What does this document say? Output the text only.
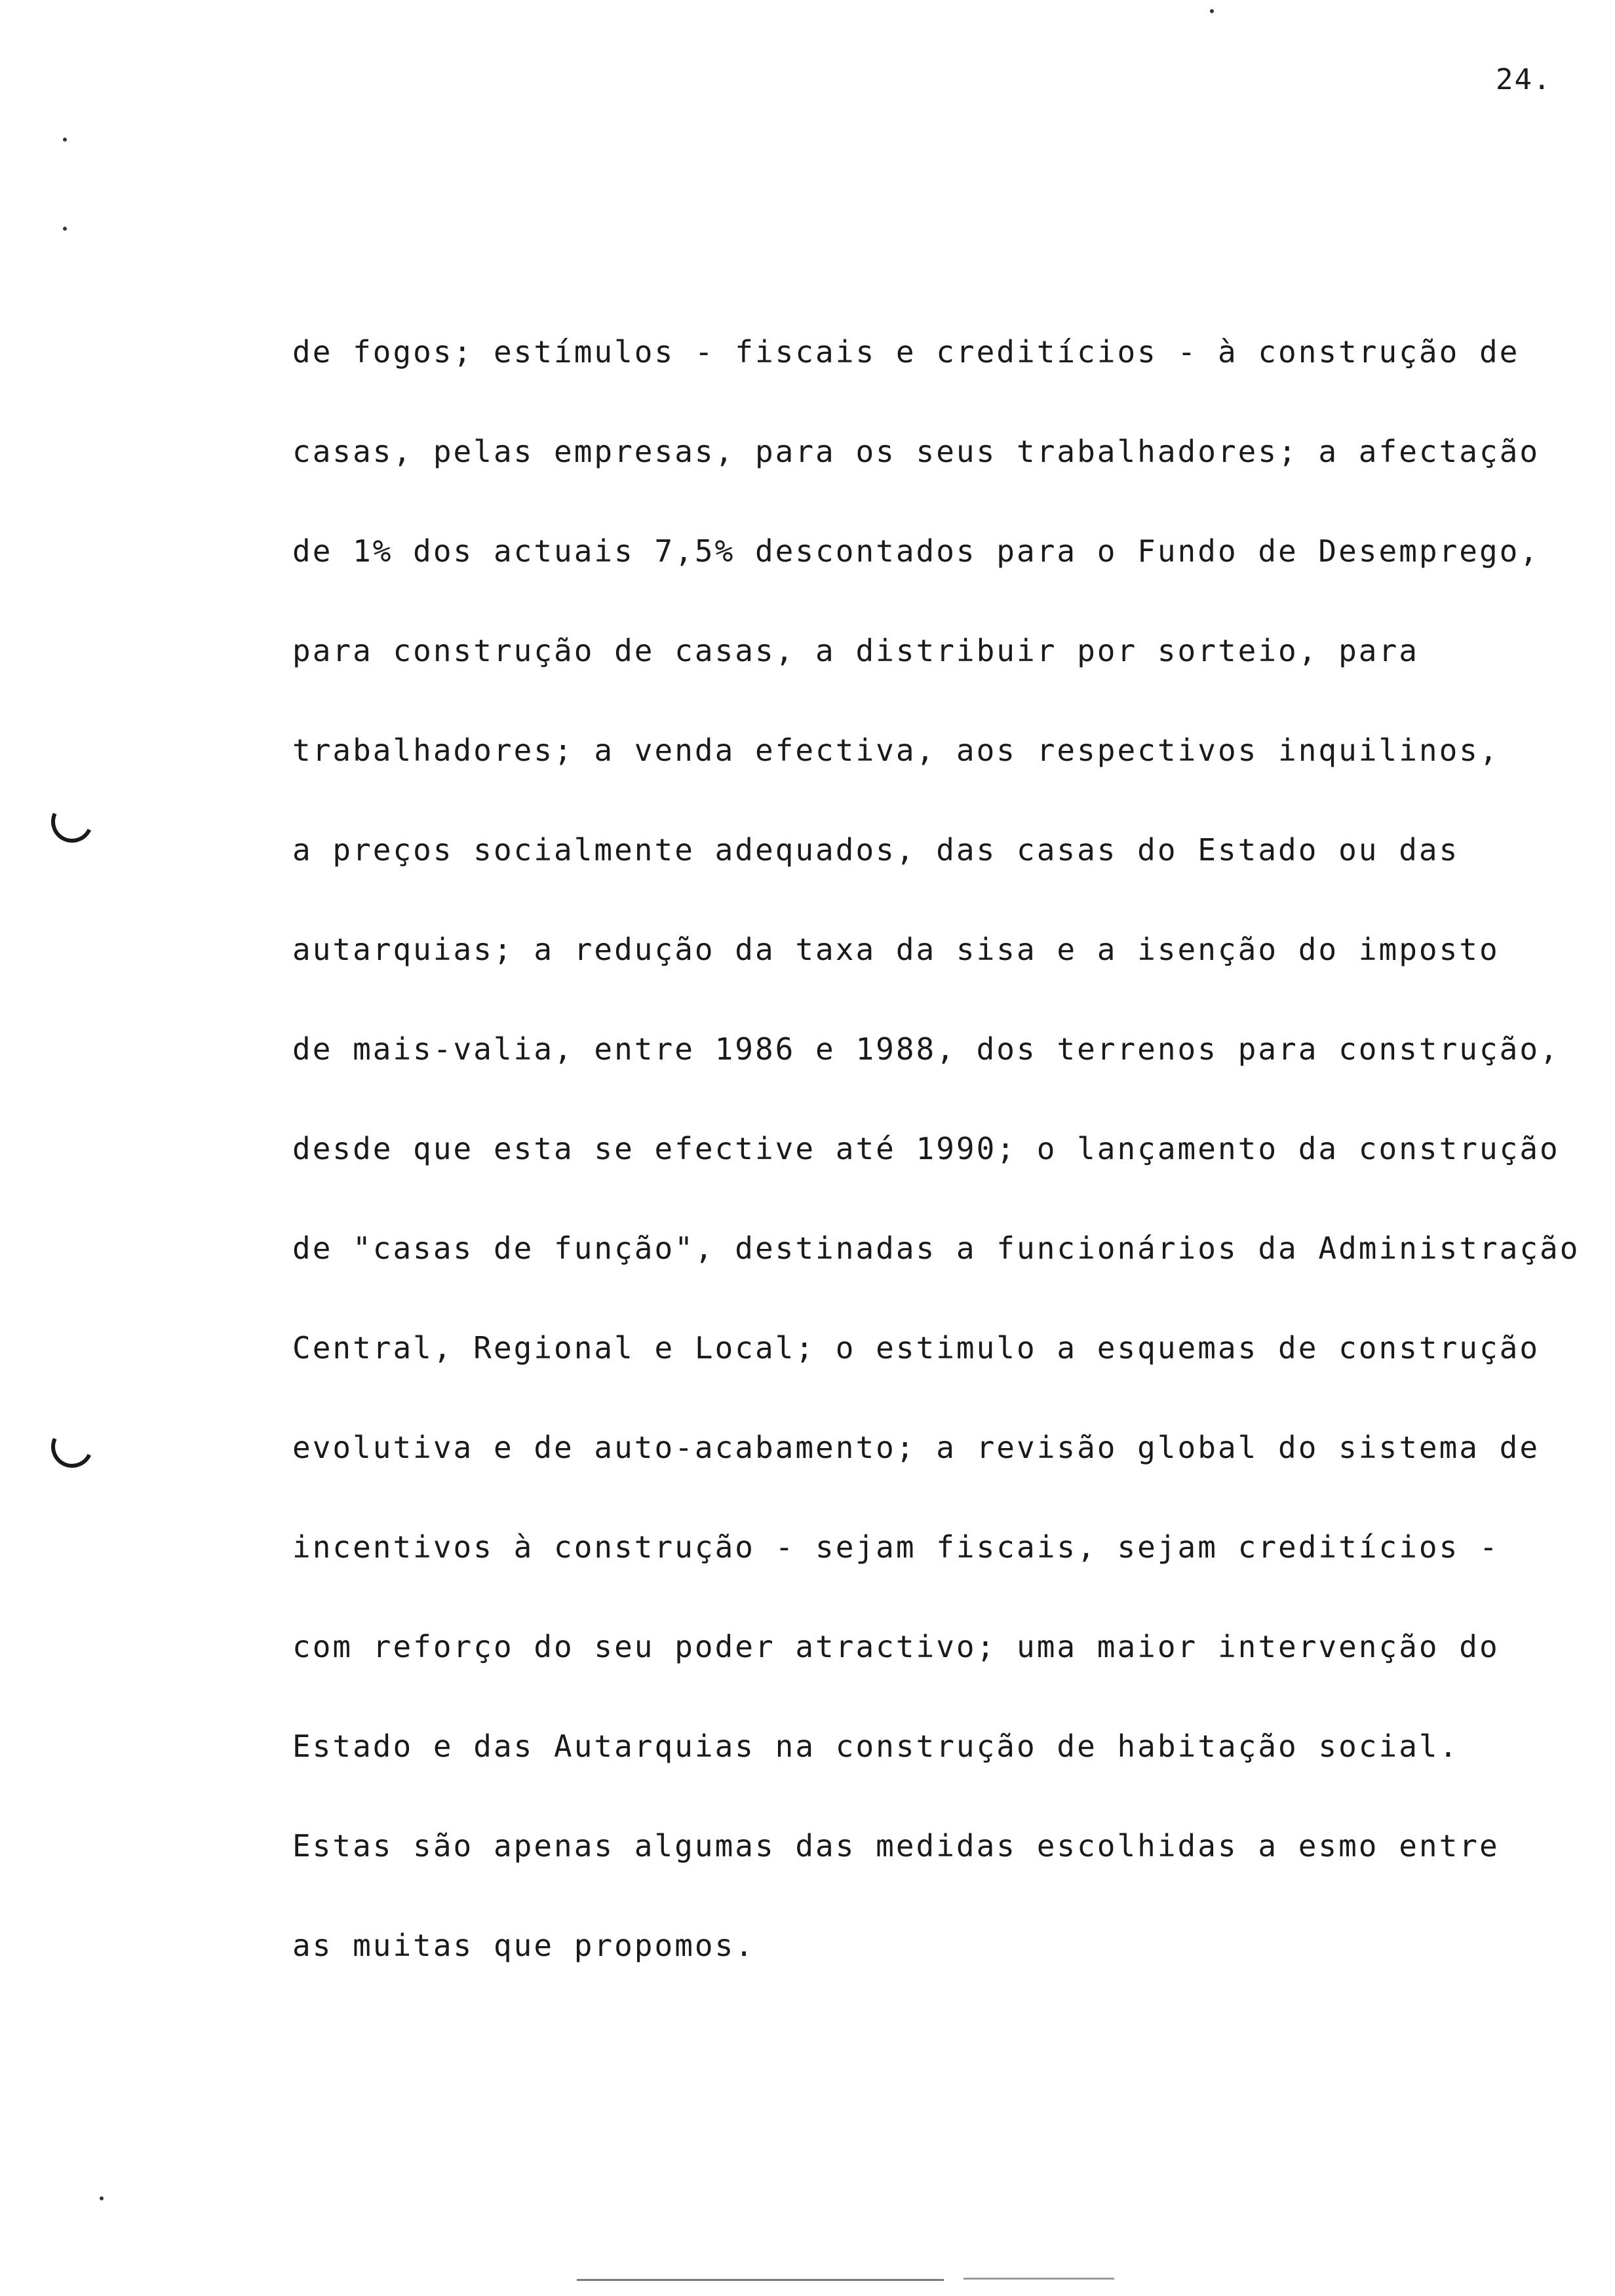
24.
de fogos; estímulos - fiscais e creditícios - à construção de
casas, pelas empresas, para os seus trabalhadores; a afectação
de 1% dos actuais 7,5% descontados para o Fundo de Desemprego,
para construção de casas, a distribuir por sorteio, para
trabalhadores; a venda efectiva, aos respectivos inquilinos,
a preços socialmente adequados, das casas do Estado ou das
autarquias; a redução da taxa da sisa e a isenção do imposto
de mais-valia, entre 1986 e 1988, dos terrenos para construção,
desde que esta se efective até 1990; o lançamento da construção
de "casas de função", destinadas a funcionários da Administração
Central, Regional e Local; o estimulo a esquemas de construção
evolutiva e de auto-acabamento; a revisão global do sistema de
incentivos à construção - sejam fiscais, sejam creditícios -
com reforço do seu poder atractivo; uma maior intervenção do
Estado e das Autarquias na construção de habitação social.
Estas são apenas algumas das medidas escolhidas a esmo entre
as muitas que propomos.
